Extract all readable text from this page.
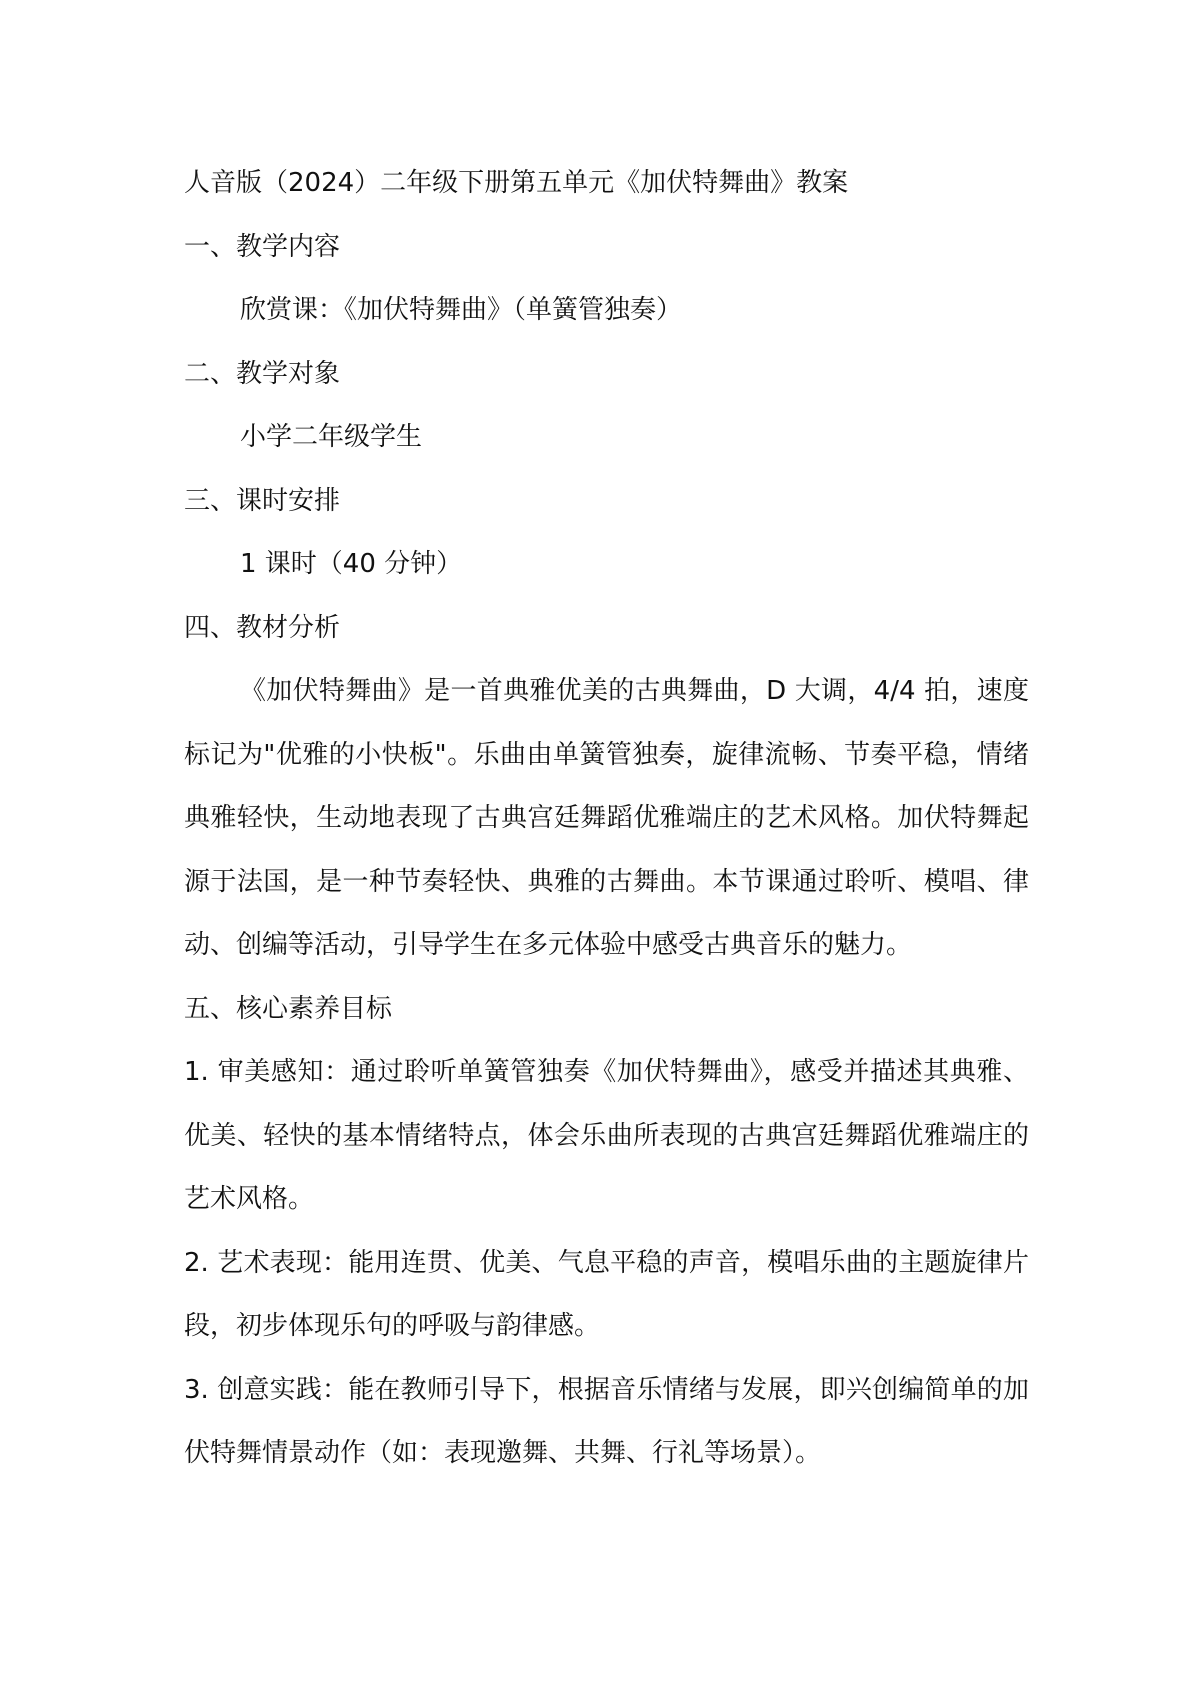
人音版（2024）二年级下册第五单元《加伏特舞曲》教案

一、教学内容

欣赏课：《加伏特舞曲》（单簧管独奏）

二、教学对象

小学二年级学生

三、课时安排

1 课时（40 分钟）

四、教材分析

《加伏特舞曲》是一首典雅优美的古典舞曲，D 大调，4/4 拍，速度标记为"优雅的小快板"。乐曲由单簧管独奏，旋律流畅、节奏平稳，情绪典雅轻快，生动地表现了古典宫廷舞蹈优雅端庄的艺术风格。加伏特舞起源于法国，是一种节奏轻快、典雅的古舞曲。本节课通过聆听、模唱、律动、创编等活动，引导学生在多元体验中感受古典音乐的魅力。

五、核心素养目标

1. 审美感知：通过聆听单簧管独奏《加伏特舞曲》，感受并描述其典雅、优美、轻快的基本情绪特点，体会乐曲所表现的古典宫廷舞蹈优雅端庄的艺术风格。

2. 艺术表现：能用连贯、优美、气息平稳的声音，模唱乐曲的主题旋律片段，初步体现乐句的呼吸与韵律感。

3. 创意实践：能在教师引导下，根据音乐情绪与发展，即兴创编简单的加伏特舞情景动作（如：表现邀舞、共舞、行礼等场景）。
